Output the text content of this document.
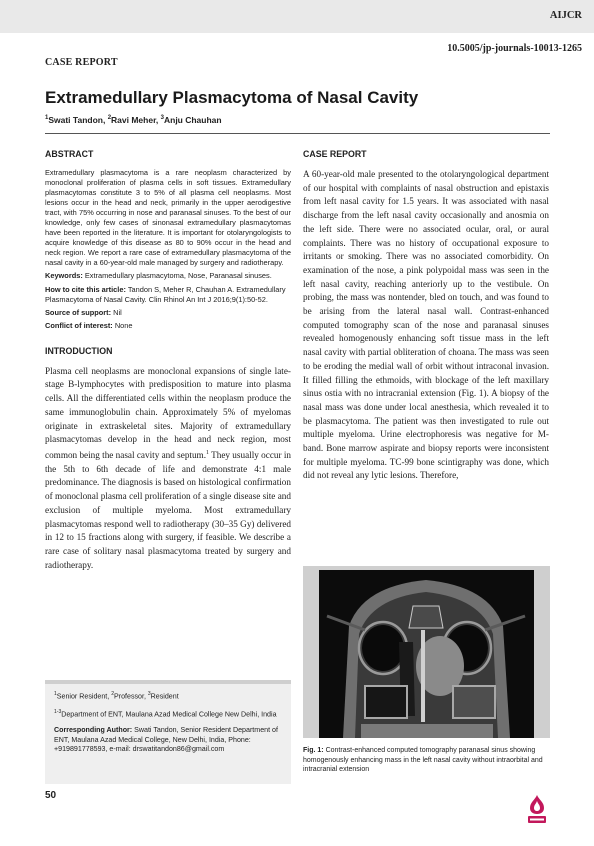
AIJCR
10.5005/jp-journals-10013-1265
CASE REPORT
Extramedullary Plasmacytoma of Nasal Cavity
$^1$Swati Tandon, $^2$Ravi Meher, $^3$Anju Chauhan
ABSTRACT

Extramedullary plasmacytoma is a rare neoplasm characterized by monoclonal proliferation of plasma cells in soft tissues. Extramedullary plasmacytomas constitute 3 to 5% of all plasma cell neoplasms. Most lesions occur in the head and neck, primarily in the upper aerodigestive tract, with 75% occurring in nose and paranasal sinuses. To the best of our knowledge, only few cases of sinonasal extramedullary plasmacytomas have been reported in the literature. It is important for otolaryngologists to acquire knowledge of this disease as 80 to 90% occur in the head and neck region. We report a rare case of extramedullary plasmacytoma of the nasal cavity in a 60-year-old male managed by surgery and radiotherapy.

Keywords: Extramedullary plasmacytoma, Nose, Paranasal sinuses.

How to cite this article: Tandon S, Meher R, Chauhan A. Extramedullary Plasmacytoma of Nasal Cavity. Clin Rhinol An Int J 2016;9(1):50-52.

Source of support: Nil

Conflict of interest: None

INTRODUCTION

Plasma cell neoplasms are monoclonal expansions of single late-stage B-lymphocytes with predisposition to mature into plasma cells. All the differentiated cells within the neoplasm produce the same immunoglobulin chain. Approximately 5% of myelomas originate in extraskeletal sites. Majority of extramedullary plasmacytomas develop in the head and neck region, most common being the nasal cavity and septum.$^1$ They usually occur in the 5th to 6th decade of life and demonstrate 4:1 male predominance. The diagnosis is based on histological confirmation of monoclonal plasma cell proliferation of a single disease site and exclusion of multiple myeloma. Most extramedullary plasmacytomas respond well to radiotherapy (30–35 Gy) delivered in 12 to 15 fractions along with surgery, if feasible. We describe a rare case of solitary nasal plasmacytoma treated by surgery and radiotherapy.

CASE REPORT

A 60-year-old male presented to the otolaryngological department of our hospital with complaints of nasal obstruction and epistaxis from left nasal cavity for 1.5 years. It was associated with nasal discharge from the left nasal cavity occasionally and anosmia on the left side. There were no associated ocular, oral, or aural complaints. There was no history of occupational exposure to irritants or smoking. There was no associated comorbidity. On examination of the nose, a pink polypoidal mass was seen in the left nasal cavity, reaching anteriorly up to the vestibule. On probing, the mass was nontender, bled on touch, and was found to be arising from the lateral nasal wall. Contrast-enhanced computed tomography scan of the nose and paranasal sinuses revealed homogenously enhancing soft tissue mass in the left nasal cavity with partial obliteration of choana. The mass was seen to be eroding the medial wall of orbit without intraconal invasion. It filled filling the ethmoids, with blockage of the left maxillary sinus ostia with no intracranial extension (Fig. 1). A biopsy of the nasal mass was done under local anesthesia, which revealed it to be plasmacytoma. The patient was then investigated to rule out multiple myeloma. Urine electrophoresis was negative for M-band. Bone marrow aspirate and biopsy reports were inconsistent for multiple myeloma. TC-99 bone scintigraphy was done, which did not reveal any lytic lesions. Therefore,

$^1$Senior Resident, $^2$Professor, $^3$Resident

$^{1-3}$Department of ENT, Maulana Azad Medical College New Delhi, India

Corresponding Author: Swati Tandon, Senior Resident Department of ENT, Maulana Azad Medical College, New Delhi, India, Phone: +919891778593, e-mail: drswatitandon86@gmail.com	Fig. 1: Contrast-enhanced computed tomography paranasal sinus showing homogenously enhancing mass in the left nasal cavity without intraorbital and intracranial extension

50
